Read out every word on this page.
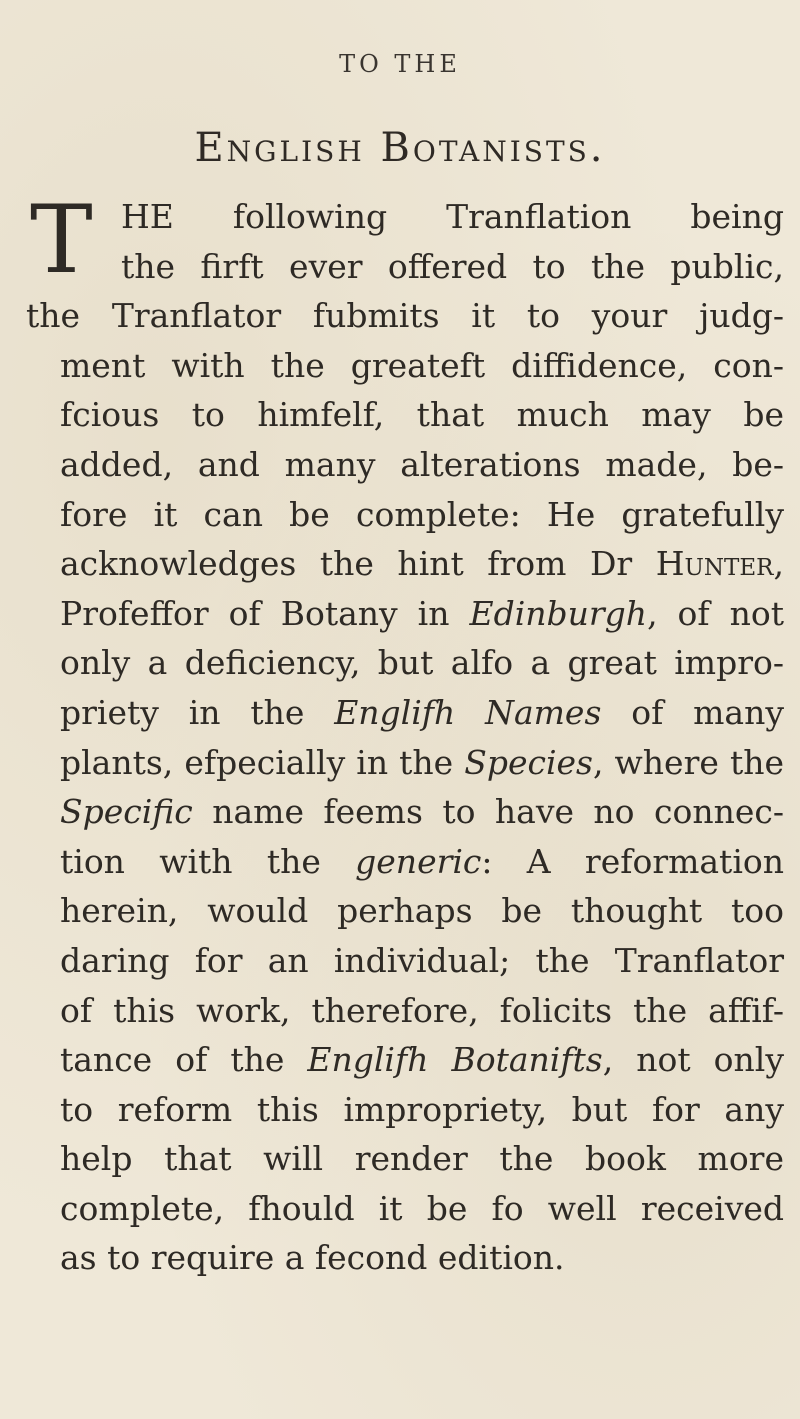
TO THE
English Botanists.
T HE following Tranflation being
the firft ever offered to the public,
the Tranflator fubmits it to your judg-
ment with the greateft diffidence, con-
fcious to himfelf, that much may be
added, and many alterations made, be-
fore it can be complete: He gratefully
acknowledges the hint from Dr Hunter,
Profeffor of Botany in Edinburgh, of not
only a deficiency, but alfo a great impro-
priety in the Englifh Names of many
plants, efpecially in the Species, where the
Specific name feems to have no connec-
tion with the generic: A reformation
herein, would perhaps be thought too
daring for an individual; the Tranflator
of this work, therefore, folicits the affif-
tance of the Englifh Botanifts, not only
to reform this impropriety, but for any
help that will render the book more
complete, fhould it be fo well received
as to require a fecond edition.
